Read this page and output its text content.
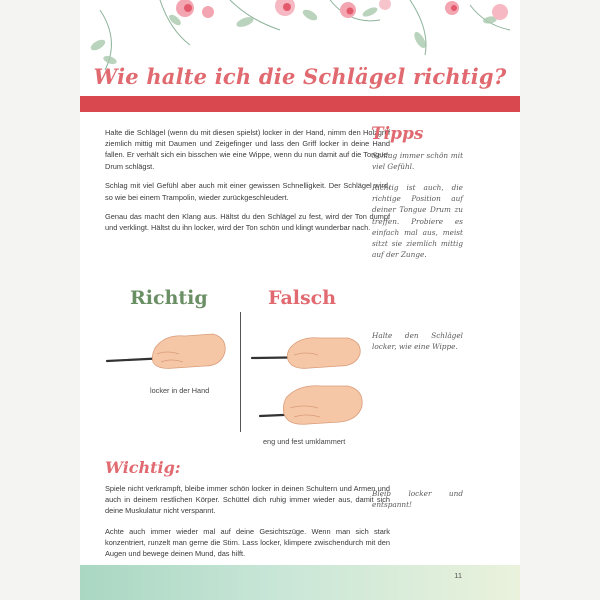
Wie halte ich die Schlägel richtig?

Halte die Schlägel (wenn du mit diesen spielst) locker in der Hand, nimm den Holzgriff ziemlich mittig mit Daumen und Zeigefinger und lass den Griff locker in deine Hand fallen. Er verhält sich ein bisschen wie eine Wippe, wenn du nun damit auf die Tongue-Drum schlägst.

Schlag mit viel Gefühl aber auch mit einer gewissen Schnelligkeit. Der Schlägel wird, so wie bei einem Trampolin, wieder zurückgeschleudert.

Genau das macht den Klang aus. Hältst du den Schlägel zu fest, wird der Ton dumpf und verklingt. Hältst du ihn locker, wird der Ton schön und klingt wunderbar nach.

Tipps
Schlag immer schön mit viel Gefühl.
Richtig ist auch, die richtige Position auf deiner Tongue Drum zu treffen. Probiere es einfach mal aus, meist sitzt sie ziemlich mittig auf der Zunge.
Richtig	Falsch
locker in der Hand
eng und fest umklammert
Halte den Schlägel locker, wie eine Wippe.
Wichtig:

Spiele nicht verkrampft, bleibe immer schön locker in deinen Schultern und Armen und auch in deinem restlichen Körper. Schüttel dich ruhig immer wieder aus, damit sich deine Muskulatur nicht verspannt.

Achte auch immer wieder mal auf deine Gesichtszüge. Wenn man sich stark konzentriert, runzelt man gerne die Stirn. Lass locker, klimpere zwischendurch mit den Augen und bewege deinen Mund, das hilft.

Bleib locker und entspannt!
11
